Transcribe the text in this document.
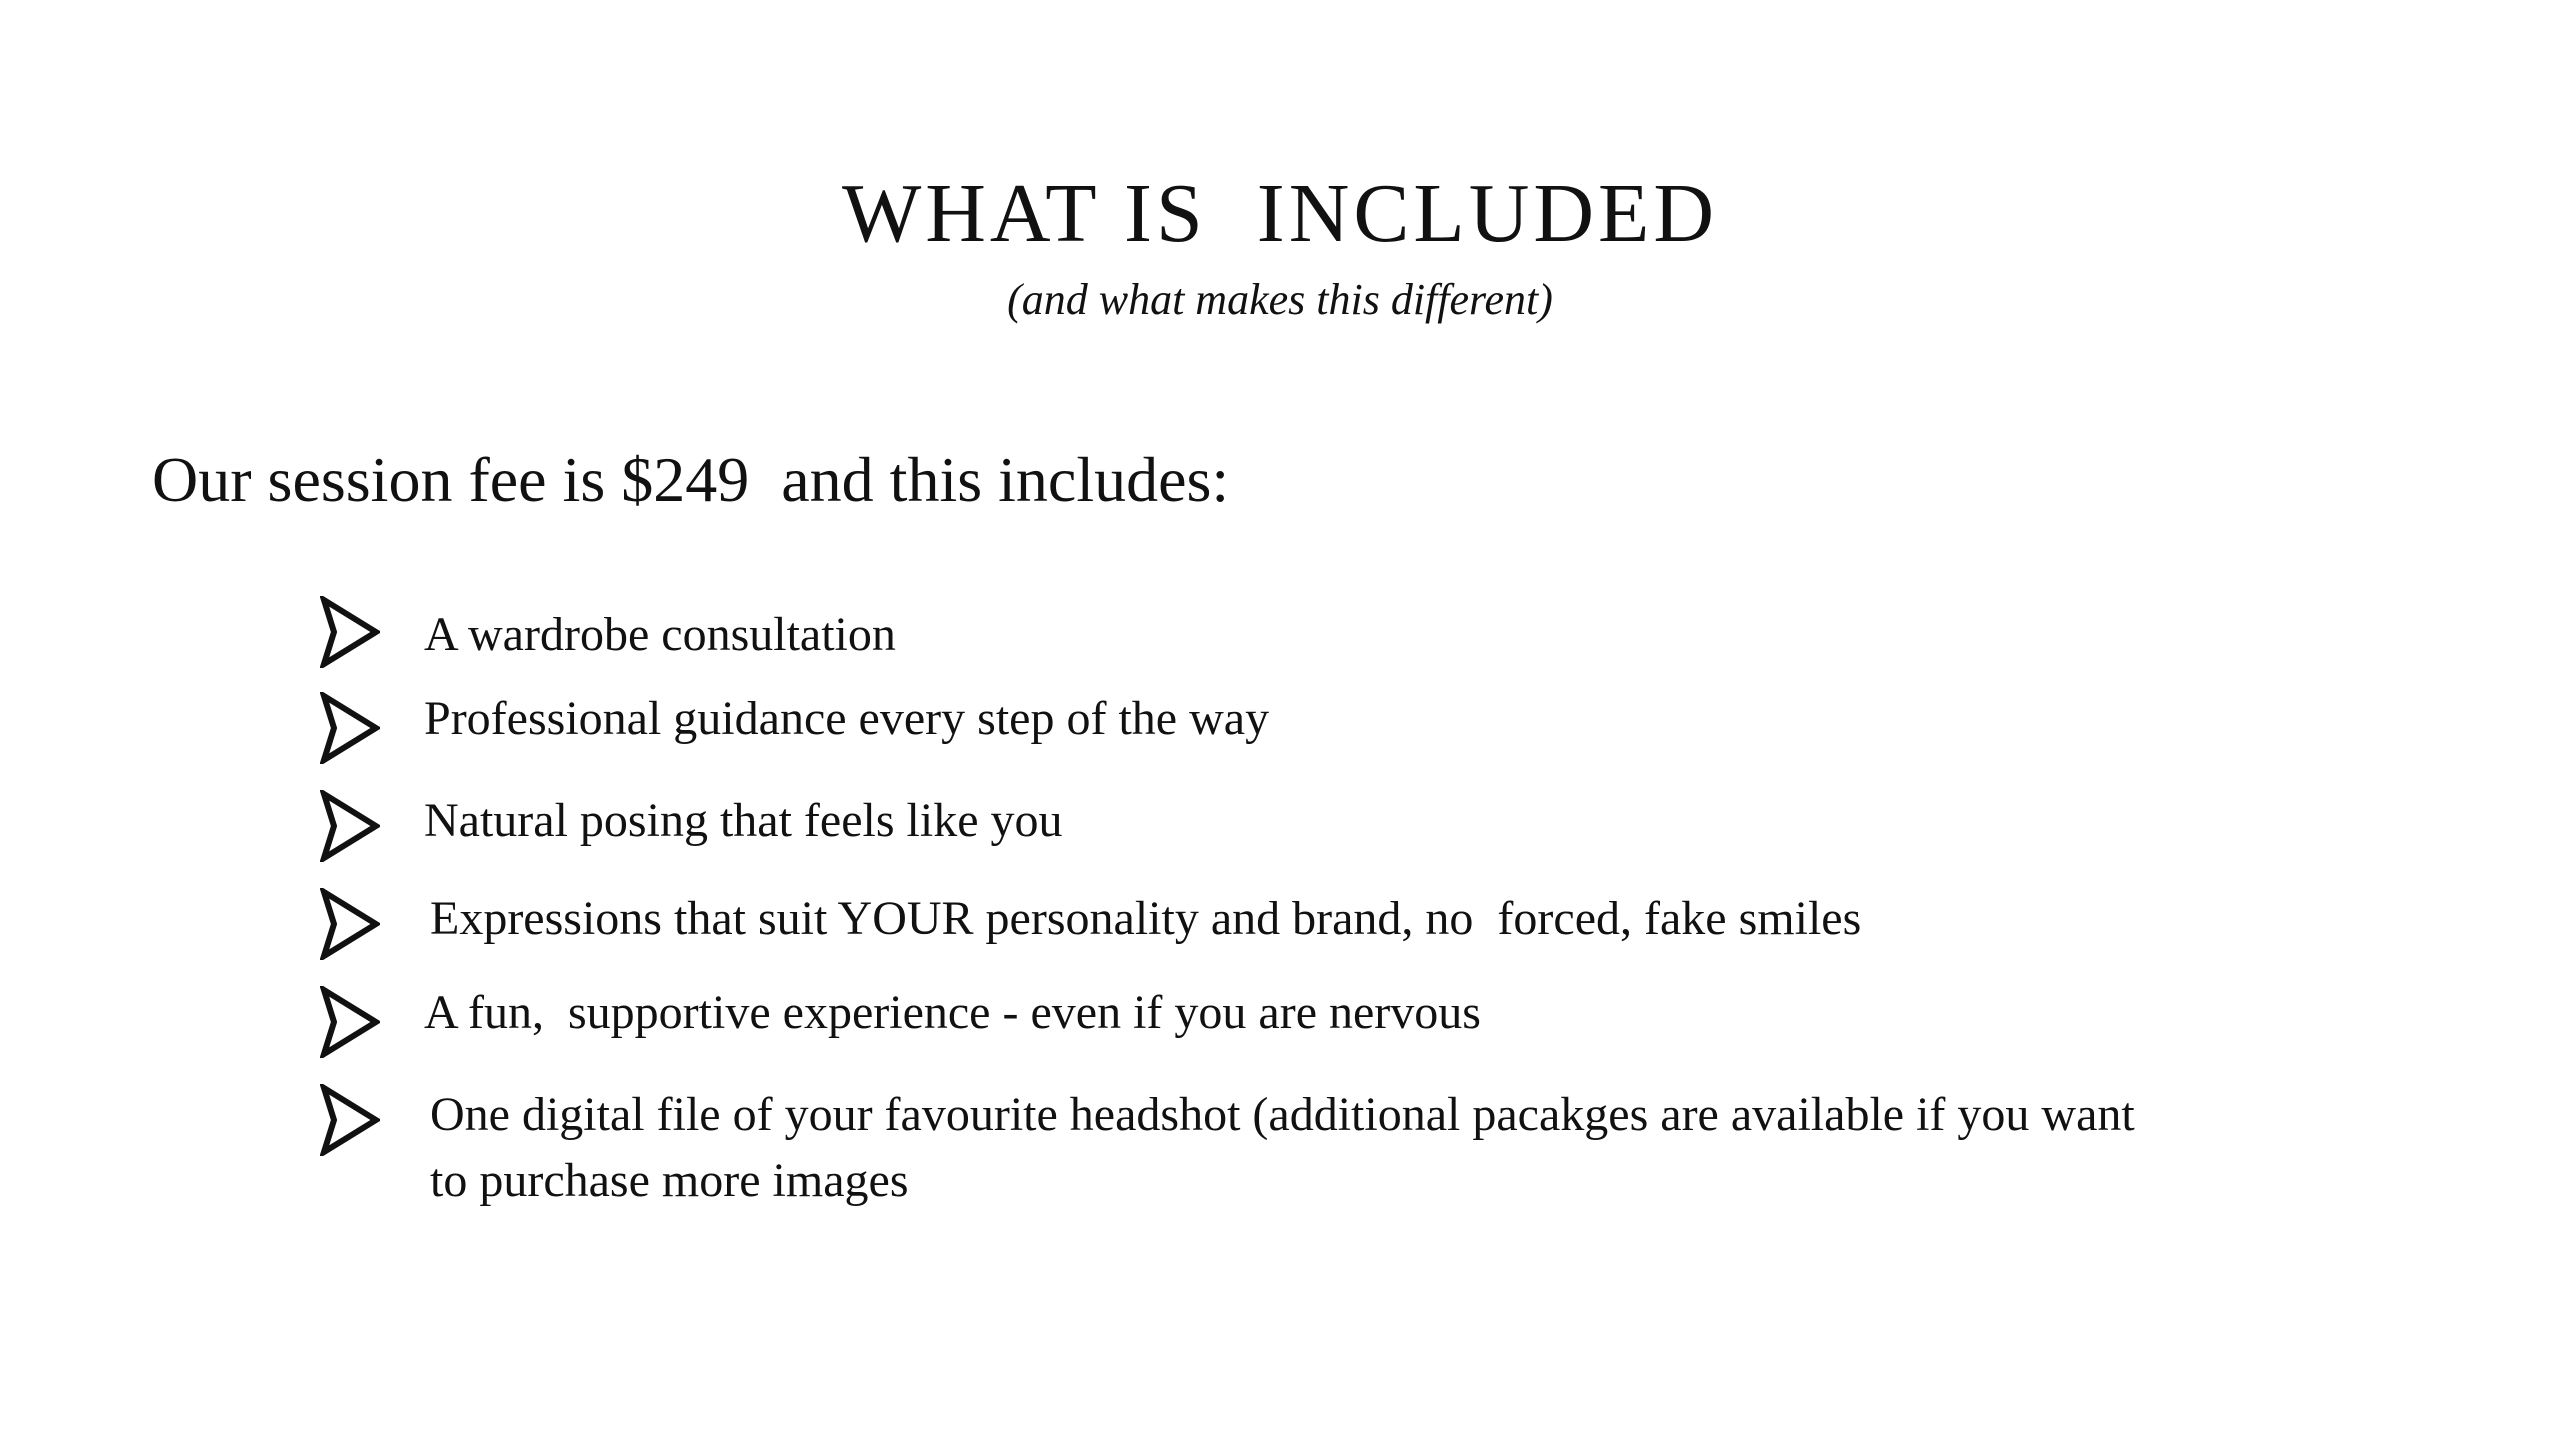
WHAT IS  INCLUDED
(and what makes this different)
Our session fee is $249  and this includes:
A wardrobe consultation
Professional guidance every step of the way
Natural posing that feels like you
Expressions that suit YOUR personality and brand, no  forced, fake smiles
A fun,  supportive experience - even if you are nervous
One digital file of your favourite headshot (additional pacakges are available if you want
to purchase more images
